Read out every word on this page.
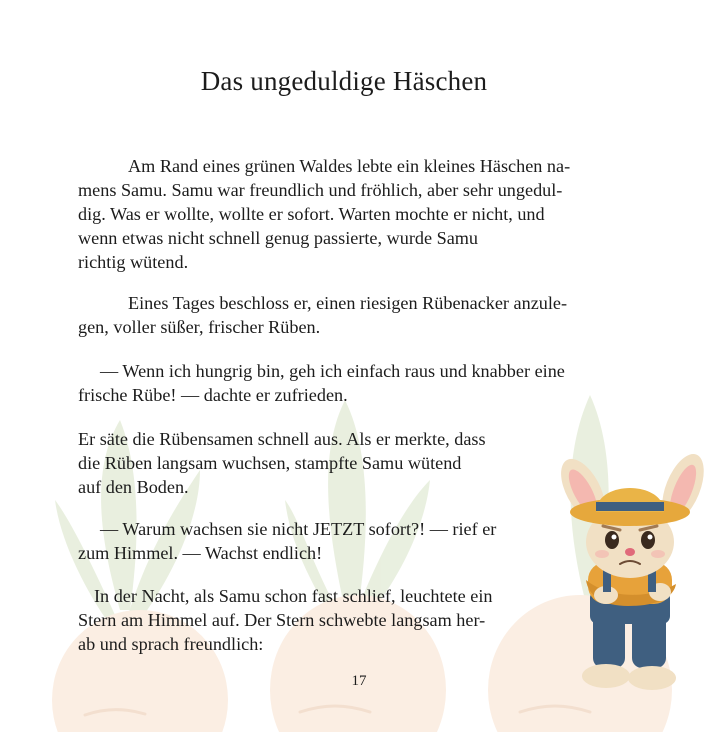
Das ungeduldige Häschen

Am Rand eines grünen Waldes lebte ein kleines Häschen na-
mens Samu. Samu war freundlich und fröhlich, aber sehr ungedul-
dig. Was er wollte, wollte er sofort. Warten mochte er nicht, und
wenn etwas nicht schnell genug passierte, wurde Samu
richtig wütend.

Eines Tages beschloss er, einen riesigen Rübenacker anzule-
gen, voller süßer, frischer Rüben.

— Wenn ich hungrig bin, geh ich einfach raus und knabber eine
frische Rübe! — dachte er zufrieden.

Er säte die Rübensamen schnell aus. Als er merkte, dass
die Rüben langsam wuchsen, stampfte Samu wütend
auf den Boden.

— Warum wachsen sie nicht JETZT sofort?! — rief er
zum Himmel. — Wachst endlich!

In der Nacht, als Samu schon fast schlief, leuchtete ein
Stern am Himmel auf. Der Stern schwebte langsam her-
ab und sprach freundlich:

17
